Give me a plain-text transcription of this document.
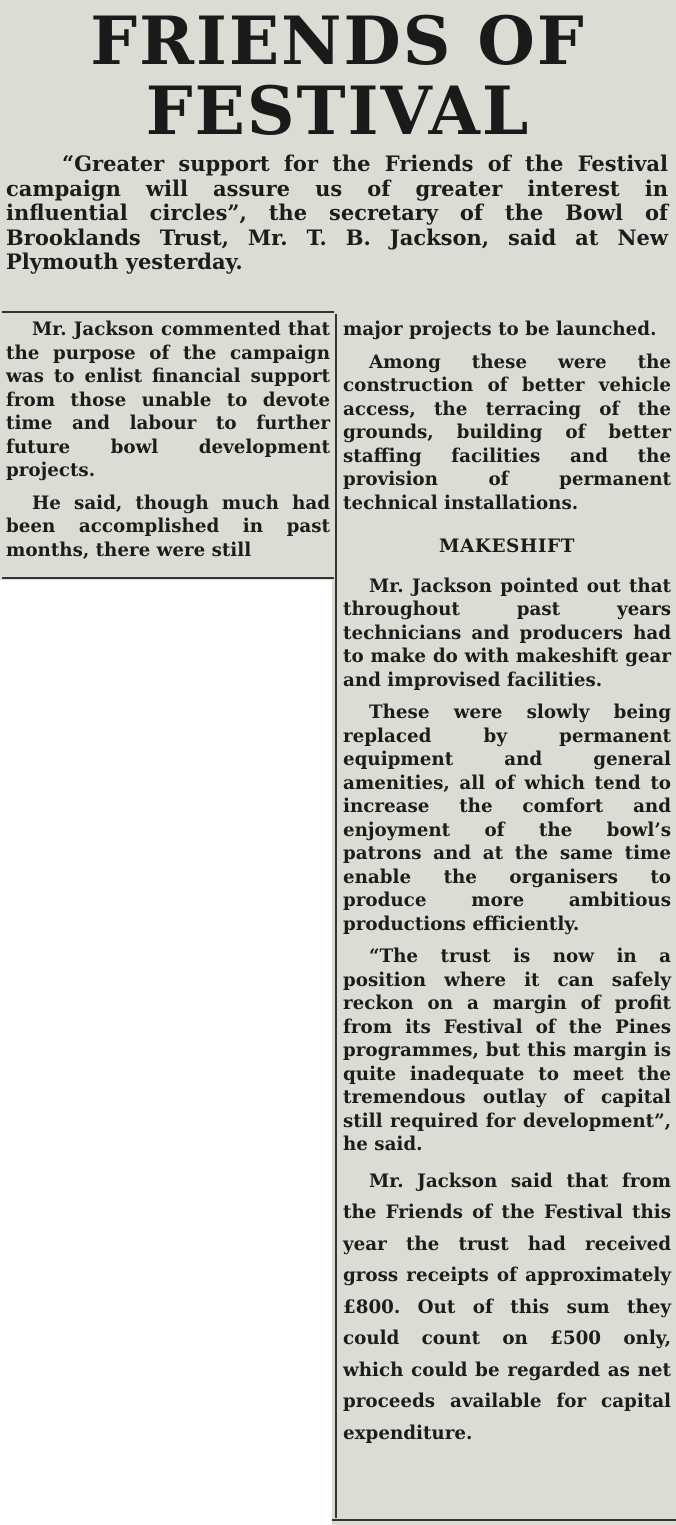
FRIENDS OF
FESTIVAL

“Greater support for the Friends of the Festival campaign will assure us of greater interest in influential circles”, the secretary of the Bowl of Brooklands Trust, Mr. T. B. Jackson, said at New Plymouth yesterday.

Mr. Jackson commented that the purpose of the campaign was to enlist financial support from those unable to devote time and labour to further future bowl development projects.

He said, though much had been accomplished in past months, there were still

major projects to be launched.

Among these were the construction of better vehicle access, the terracing of the grounds, building of better staffing facilities and the provision of permanent technical installations.

MAKESHIFT

Mr. Jackson pointed out that throughout past years technicians and producers had to make do with makeshift gear and improvised facilities.

These were slowly being replaced by permanent equipment and general amenities, all of which tend to increase the comfort and enjoyment of the bowl’s patrons and at the same time enable the organisers to produce more ambitious productions efficiently.

“The trust is now in a position where it can safely reckon on a margin of profit from its Festival of the Pines programmes, but this margin is quite inadequate to meet the tremendous outlay of capital still required for development”, he said.

Mr. Jackson said that from the Friends of the Festival this year the trust had received gross receipts of approximately £800. Out of this sum they could count on £500 only, which could be regarded as net proceeds available for capital expenditure.
